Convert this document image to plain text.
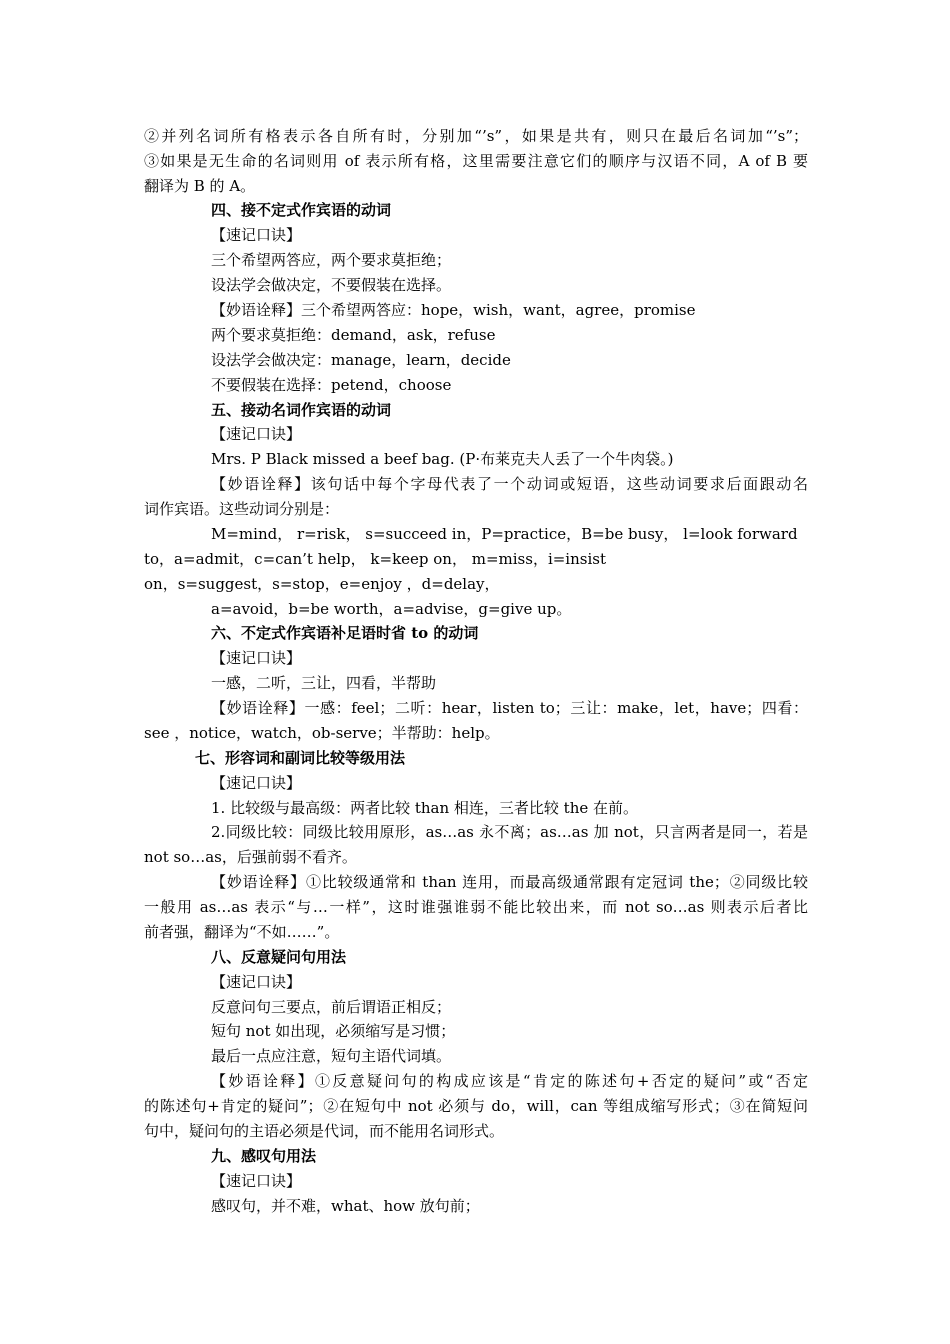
②并列名词所有格表示各自所有时，分别加“’s”，如果是共有，则只在最后名词加“’s”；
③如果是无生命的名词则用 of 表示所有格，这里需要注意它们的顺序与汉语不同，A of B 要
翻译为 B 的 A。
四、接不定式作宾语的动词
【速记口诀】
三个希望两答应，两个要求莫拒绝；
设法学会做决定，不要假装在选择。
【妙语诠释】三个希望两答应：hope，wish，want，agree，promise
两个要求莫拒绝：demand，ask，refuse
设法学会做决定：manage，learn，decide
不要假装在选择：petend，choose
五、接动名词作宾语的动词
【速记口诀】
Mrs. P Black missed a beef bag. (P·布莱克夫人丢了一个牛肉袋。)
【妙语诠释】该句话中每个字母代表了一个动词或短语，这些动词要求后面跟动名
词作宾语。这些动词分别是：
M=mind， r=risk， s=succeed in，P=practice，B=be busy， l=look forward
to，a=admit，c=can’t help， k=keep on， m=miss，i=insist
on，s=suggest，s=stop，e=enjoy ，d=delay，
a=avoid，b=be worth，a=advise，g=give up。
六、不定式作宾语补足语时省 to 的动词
【速记口诀】
一感，二听，三让，四看，半帮助
【妙语诠释】一感：feel；二听：hear，listen to；三让：make，let，have；四看：
see ，notice，watch，ob-serve；半帮助：help。
七、形容词和副词比较等级用法
【速记口诀】
1. 比较级与最高级：两者比较 than 相连，三者比较 the 在前。
2.同级比较：同级比较用原形，as…as 永不离；as…as 加 not，只言两者是同一，若是
not so…as，后强前弱不看齐。
【妙语诠释】①比较级通常和 than 连用，而最高级通常跟有定冠词 the；②同级比较
一般用 as…as 表示“与…一样”，这时谁强谁弱不能比较出来，而 not so…as 则表示后者比
前者强，翻译为“不如……”。
八、反意疑问句用法
【速记口诀】
反意问句三要点，前后谓语正相反；
短句 not 如出现，必须缩写是习惯；
最后一点应注意，短句主语代词填。
【妙语诠释】①反意疑问句的构成应该是“肯定的陈述句+否定的疑问”或“否定
的陈述句+肯定的疑问”；②在短句中 not 必须与 do，will，can 等组成缩写形式；③在简短问
句中，疑问句的主语必须是代词，而不能用名词形式。
九、感叹句用法
【速记口诀】
感叹句，并不难，what、how 放句前；
